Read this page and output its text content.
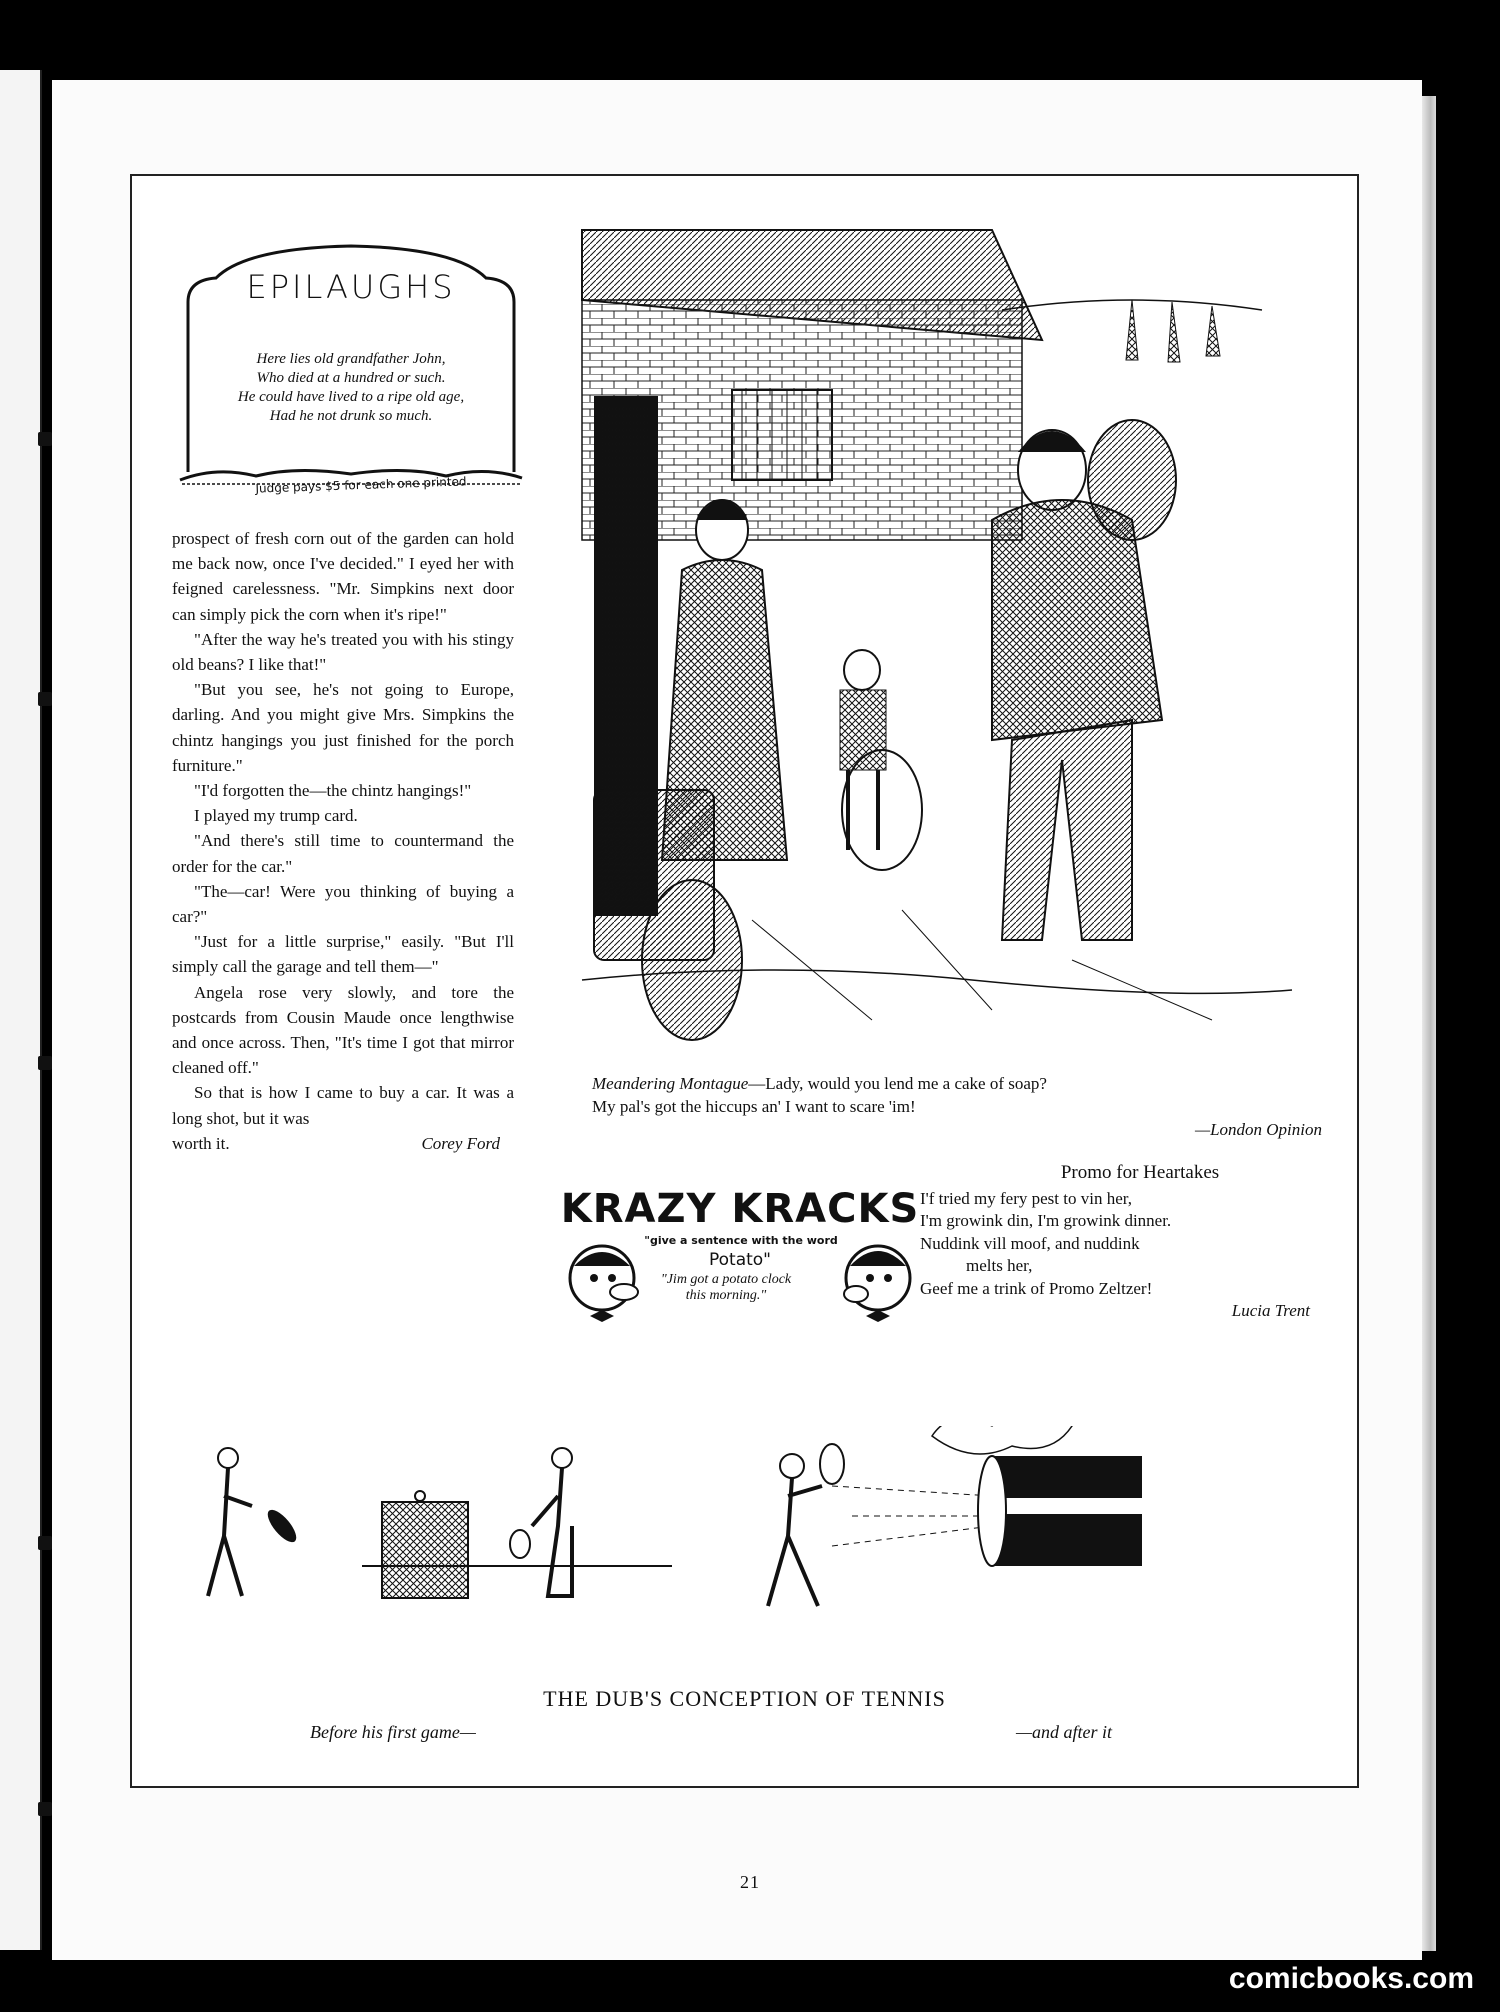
EPILAUGHS
Here lies old grandfather John,
Who died at a hundred or such.
He could have lived to a ripe old age,
Had he not drunk so much.
Judge pays $5 for each one printed

prospect of fresh corn out of the garden can hold me back now, once I've decided." I eyed her with feigned carelessness. "Mr. Simpkins next door can simply pick the corn when it's ripe!"

"After the way he's treated you with his stingy old beans? I like that!"

"But you see, he's not going to Europe, darling. And you might give Mrs. Simpkins the chintz hangings you just finished for the porch furniture."

"I'd forgotten the—the chintz hangings!"

I played my trump card.

"And there's still time to countermand the order for the car."

"The—car! Were you thinking of buying a car?"

"Just for a little surprise," easily. "But I'll simply call the garage and tell them—"

Angela rose very slowly, and tore the postcards from Cousin Maude once lengthwise and once across. Then, "It's time I got that mirror cleaned off."

So that is how I came to buy a car. It was a long shot, but it was

worth it.	Corey Ford

Meandering Montague—Lady, would you lend me a cake of soap?
My pal's got the hiccups an' I want to scare 'im!
—London Opinion
KRAZY KRACKS
"give a sentence with the word
Potato"
"Jim got a potato clock this morning."
Promo for Heartakes
I'f tried my fery pest to vin her,
I'm growink din, I'm growink dinner.
Nuddink vill moof, and nuddink
melts her,
Geef me a trink of Promo Zeltzer!
Lucia Trent
THE DUB'S CONCEPTION OF TENNIS
Before his first game—	—and after it
21
comicbooks.com
